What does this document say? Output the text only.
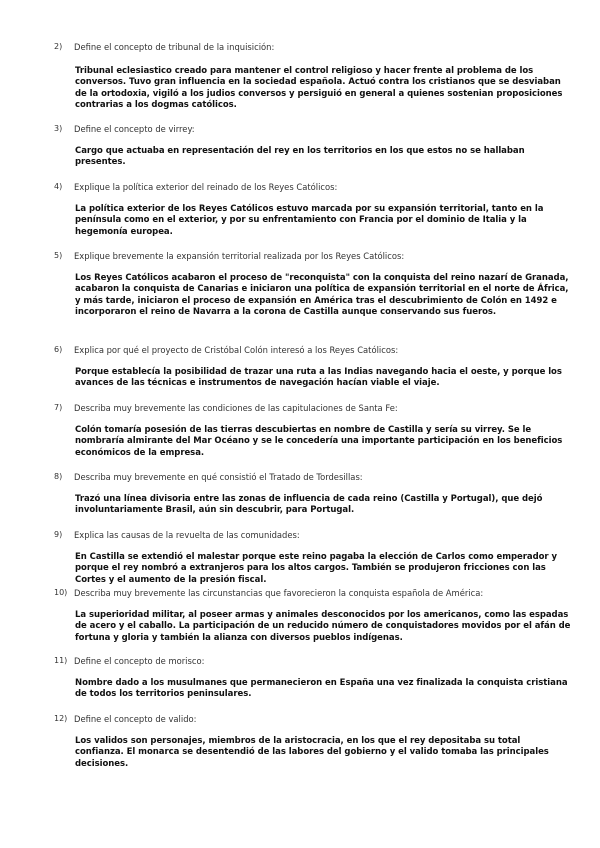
2) Define el concepto de tribunal de la inquisición:
Tribunal eclesiastico creado para mantener el control religioso y hacer frente al problema de los conversos. Tuvo gran influencia en la sociedad española. Actuó contra los cristianos que se desviaban de la ortodoxia, vigiló a los judios conversos y persiguió en general a quienes sostenian proposiciones contrarias a los dogmas católicos.
3) Define el concepto de virrey:
Cargo que actuaba en representación del rey en los territorios en los que estos no se hallaban presentes.
4) Explique la política exterior del reinado de los Reyes Católicos:
La política exterior de los Reyes Católicos estuvo marcada por su expansión territorial, tanto en la península como en el exterior, y por su enfrentamiento con Francia por el dominio de Italia y la hegemonía europea.
5) Explique brevemente la expansión territorial realizada por los Reyes Católicos:
Los Reyes Católicos acabaron el proceso de "reconquista" con la conquista del reino nazarí de Granada, acabaron la conquista de Canarias e iniciaron una política de expansión territorial en el norte de África, y más tarde, iniciaron el proceso de expansión en América tras el descubrimiento de Colón en 1492 e incorporaron el reino de Navarra a la corona de Castilla aunque conservando sus fueros.
6) Explica por qué el proyecto de Cristóbal Colón interesó a los Reyes Católicos:
Porque establecía la posibilidad de trazar una ruta a las Indias navegando hacia el oeste, y porque los avances de las técnicas e instrumentos de navegación hacían viable el viaje.
7) Describa muy brevemente las condiciones de las capitulaciones de Santa Fe:
Colón tomaría posesión de las tierras descubiertas en nombre de Castilla y sería su virrey. Se le nombraría almirante del Mar Océano y se le concedería una importante participación en los beneficios económicos de la empresa.
8) Describa muy brevemente en qué consistió el Tratado de Tordesillas:
Trazó una línea divisoria entre las zonas de influencia de cada reino (Castilla y Portugal), que dejó involuntariamente Brasil, aún sin descubrir, para Portugal.
9) Explica las causas de la revuelta de las comunidades:
En Castilla se extendió el malestar porque este reino pagaba la elección de Carlos como emperador y porque el rey nombró a extranjeros para los altos cargos. También se produjeron fricciones con las Cortes y el aumento de la presión fiscal.
10) Describa muy brevemente las circunstancias que favorecieron la conquista española de América:
La superioridad militar, al poseer armas y animales desconocidos por los americanos, como las espadas de acero y el caballo. La participación de un reducido número de conquistadores movidos por el afán de fortuna y gloria y también la alianza con diversos pueblos indígenas.
11) Define el concepto de morisco:
Nombre dado a los musulmanes que permanecieron en España una vez finalizada la conquista cristiana de todos los territorios peninsulares.
12) Define el concepto de valido:
Los validos son personajes, miembros de la aristocracia, en los que el rey depositaba su total confianza. El monarca se desentendió de las labores del gobierno y el valido tomaba las principales decisiones.
